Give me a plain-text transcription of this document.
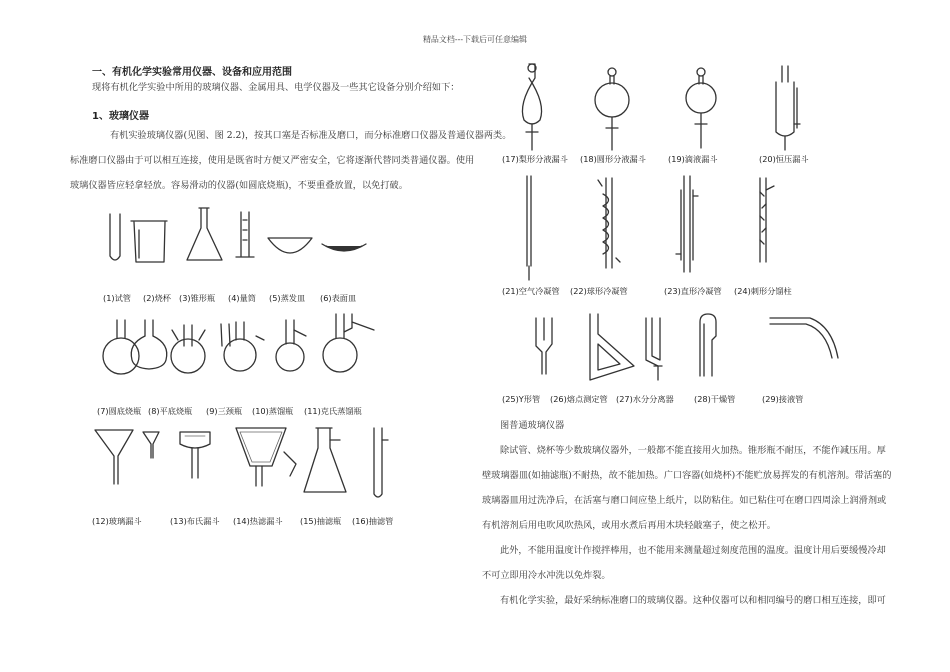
精品文档---下载后可任意编辑
一、有机化学实验常用仪器、设备和应用范围
现将有机化学实验中所用的玻璃仪器、金属用具、电学仪器及一些其它设备分别介绍如下：
1、玻璃仪器
有机实验玻璃仪器(见图、图 2.2)，按其口塞是否标准及磨口，而分标准磨口仪器及普通仪器两类。
标准磨口仪器由于可以相互连接，使用是既省时方便又严密安全，它将逐渐代替同类普通仪器。使用
玻璃仪器皆应轻拿轻放。容易滑动的仪器(如圆底烧瓶)，不要重叠放置，以免打破。
(1)试管 (2)烧杯 (3)锥形瓶 (4)量筒 (5)蒸发皿 (6)表面皿
(7)圆底烧瓶 (8)平底烧瓶 (9)三颈瓶 (10)蒸馏瓶 (11)克氏蒸馏瓶
(12)玻璃漏斗	(13)布氏漏斗 (14)热滤漏斗 (15)抽滤瓶 (16)抽滤管
(17)梨形分液漏斗 (18)圆形分液漏斗	(19)滴液漏斗	(20)恒压漏斗
(21)空气冷凝管 (22)球形冷凝管	(23)直形冷凝管 (24)刺形分馏柱
(25)Y形管 (26)熔点测定管 (27)水分分离器 (28)干燥管	(29)接液管
图普通玻璃仪器
除试管、烧杯等少数玻璃仪器外，一般都不能直接用火加热。锥形瓶不耐压，不能作减压用。厚
壁玻璃器皿(如抽滤瓶)不耐热，故不能加热。广口容器(如烧杯)不能贮放易挥发的有机溶剂。带活塞的
玻璃器皿用过洗净后，在活塞与磨口间应垫上纸片，以防粘住。如已粘住可在磨口四周涂上润滑剂或
有机溶剂后用电吹风吹热风，或用水煮后再用木块轻敲塞子，使之松开。
此外，不能用温度计作搅拌棒用，也不能用来测量超过刻度范围的温度。温度计用后要缓慢冷却
不可立即用冷水冲洗以免炸裂。
有机化学实验，最好采纳标准磨口的玻璃仪器。这种仪器可以和相同编号的磨口相互连接，即可
